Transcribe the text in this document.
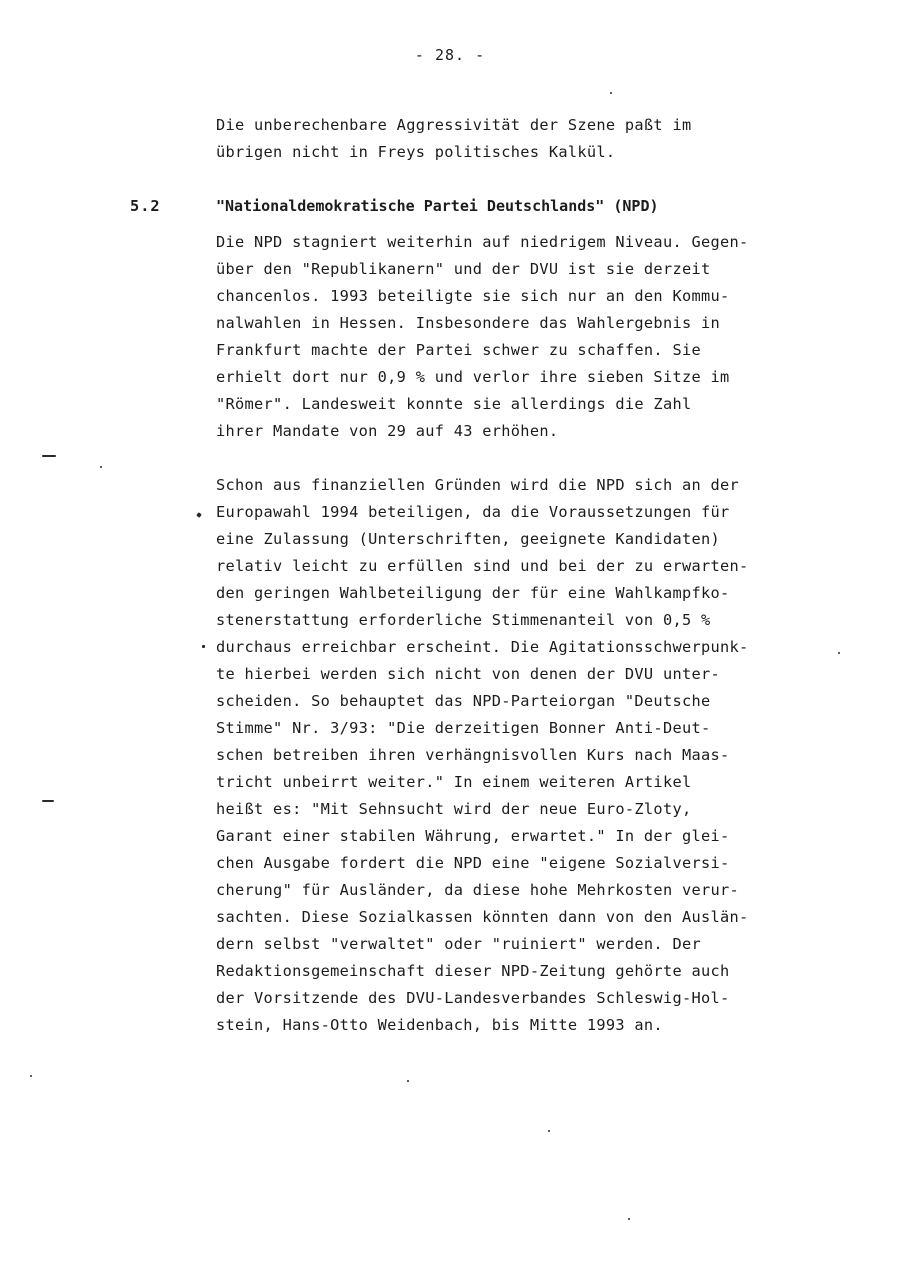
- 28. -
Die unberechenbare Aggressivität der Szene paßt im
übrigen nicht in Freys politisches Kalkül.
5.2	"Nationaldemokratische Partei Deutschlands" (NPD)
Die NPD stagniert weiterhin auf niedrigem Niveau. Gegen-
über den "Republikanern" und der DVU ist sie derzeit
chancenlos. 1993 beteiligte sie sich nur an den Kommu-
nalwahlen in Hessen. Insbesondere das Wahlergebnis in
Frankfurt machte der Partei schwer zu schaffen. Sie
erhielt dort nur 0,9 % und verlor ihre sieben Sitze im
"Römer". Landesweit konnte sie allerdings die Zahl
ihrer Mandate von 29 auf 43 erhöhen.
Schon aus finanziellen Gründen wird die NPD sich an der
Europawahl 1994 beteiligen, da die Voraussetzungen für
eine Zulassung (Unterschriften, geeignete Kandidaten)
relativ leicht zu erfüllen sind und bei der zu erwarten-
den geringen Wahlbeteiligung der für eine Wahlkampfko-
stenerstattung erforderliche Stimmenanteil von 0,5 %
durchaus erreichbar erscheint. Die Agitationsschwerpunk-
te hierbei werden sich nicht von denen der DVU unter-
scheiden. So behauptet das NPD-Parteiorgan "Deutsche
Stimme" Nr. 3/93: "Die derzeitigen Bonner Anti-Deut-
schen betreiben ihren verhängnisvollen Kurs nach Maas-
tricht unbeirrt weiter." In einem weiteren Artikel
heißt es: "Mit Sehnsucht wird der neue Euro-Zloty,
Garant einer stabilen Währung, erwartet." In der glei-
chen Ausgabe fordert die NPD eine "eigene Sozialversi-
cherung" für Ausländer, da diese hohe Mehrkosten verur-
sachten. Diese Sozialkassen könnten dann von den Auslän-
dern selbst "verwaltet" oder "ruiniert" werden. Der
Redaktionsgemeinschaft dieser NPD-Zeitung gehörte auch
der Vorsitzende des DVU-Landesverbandes Schleswig-Hol-
stein, Hans-Otto Weidenbach, bis Mitte 1993 an.
